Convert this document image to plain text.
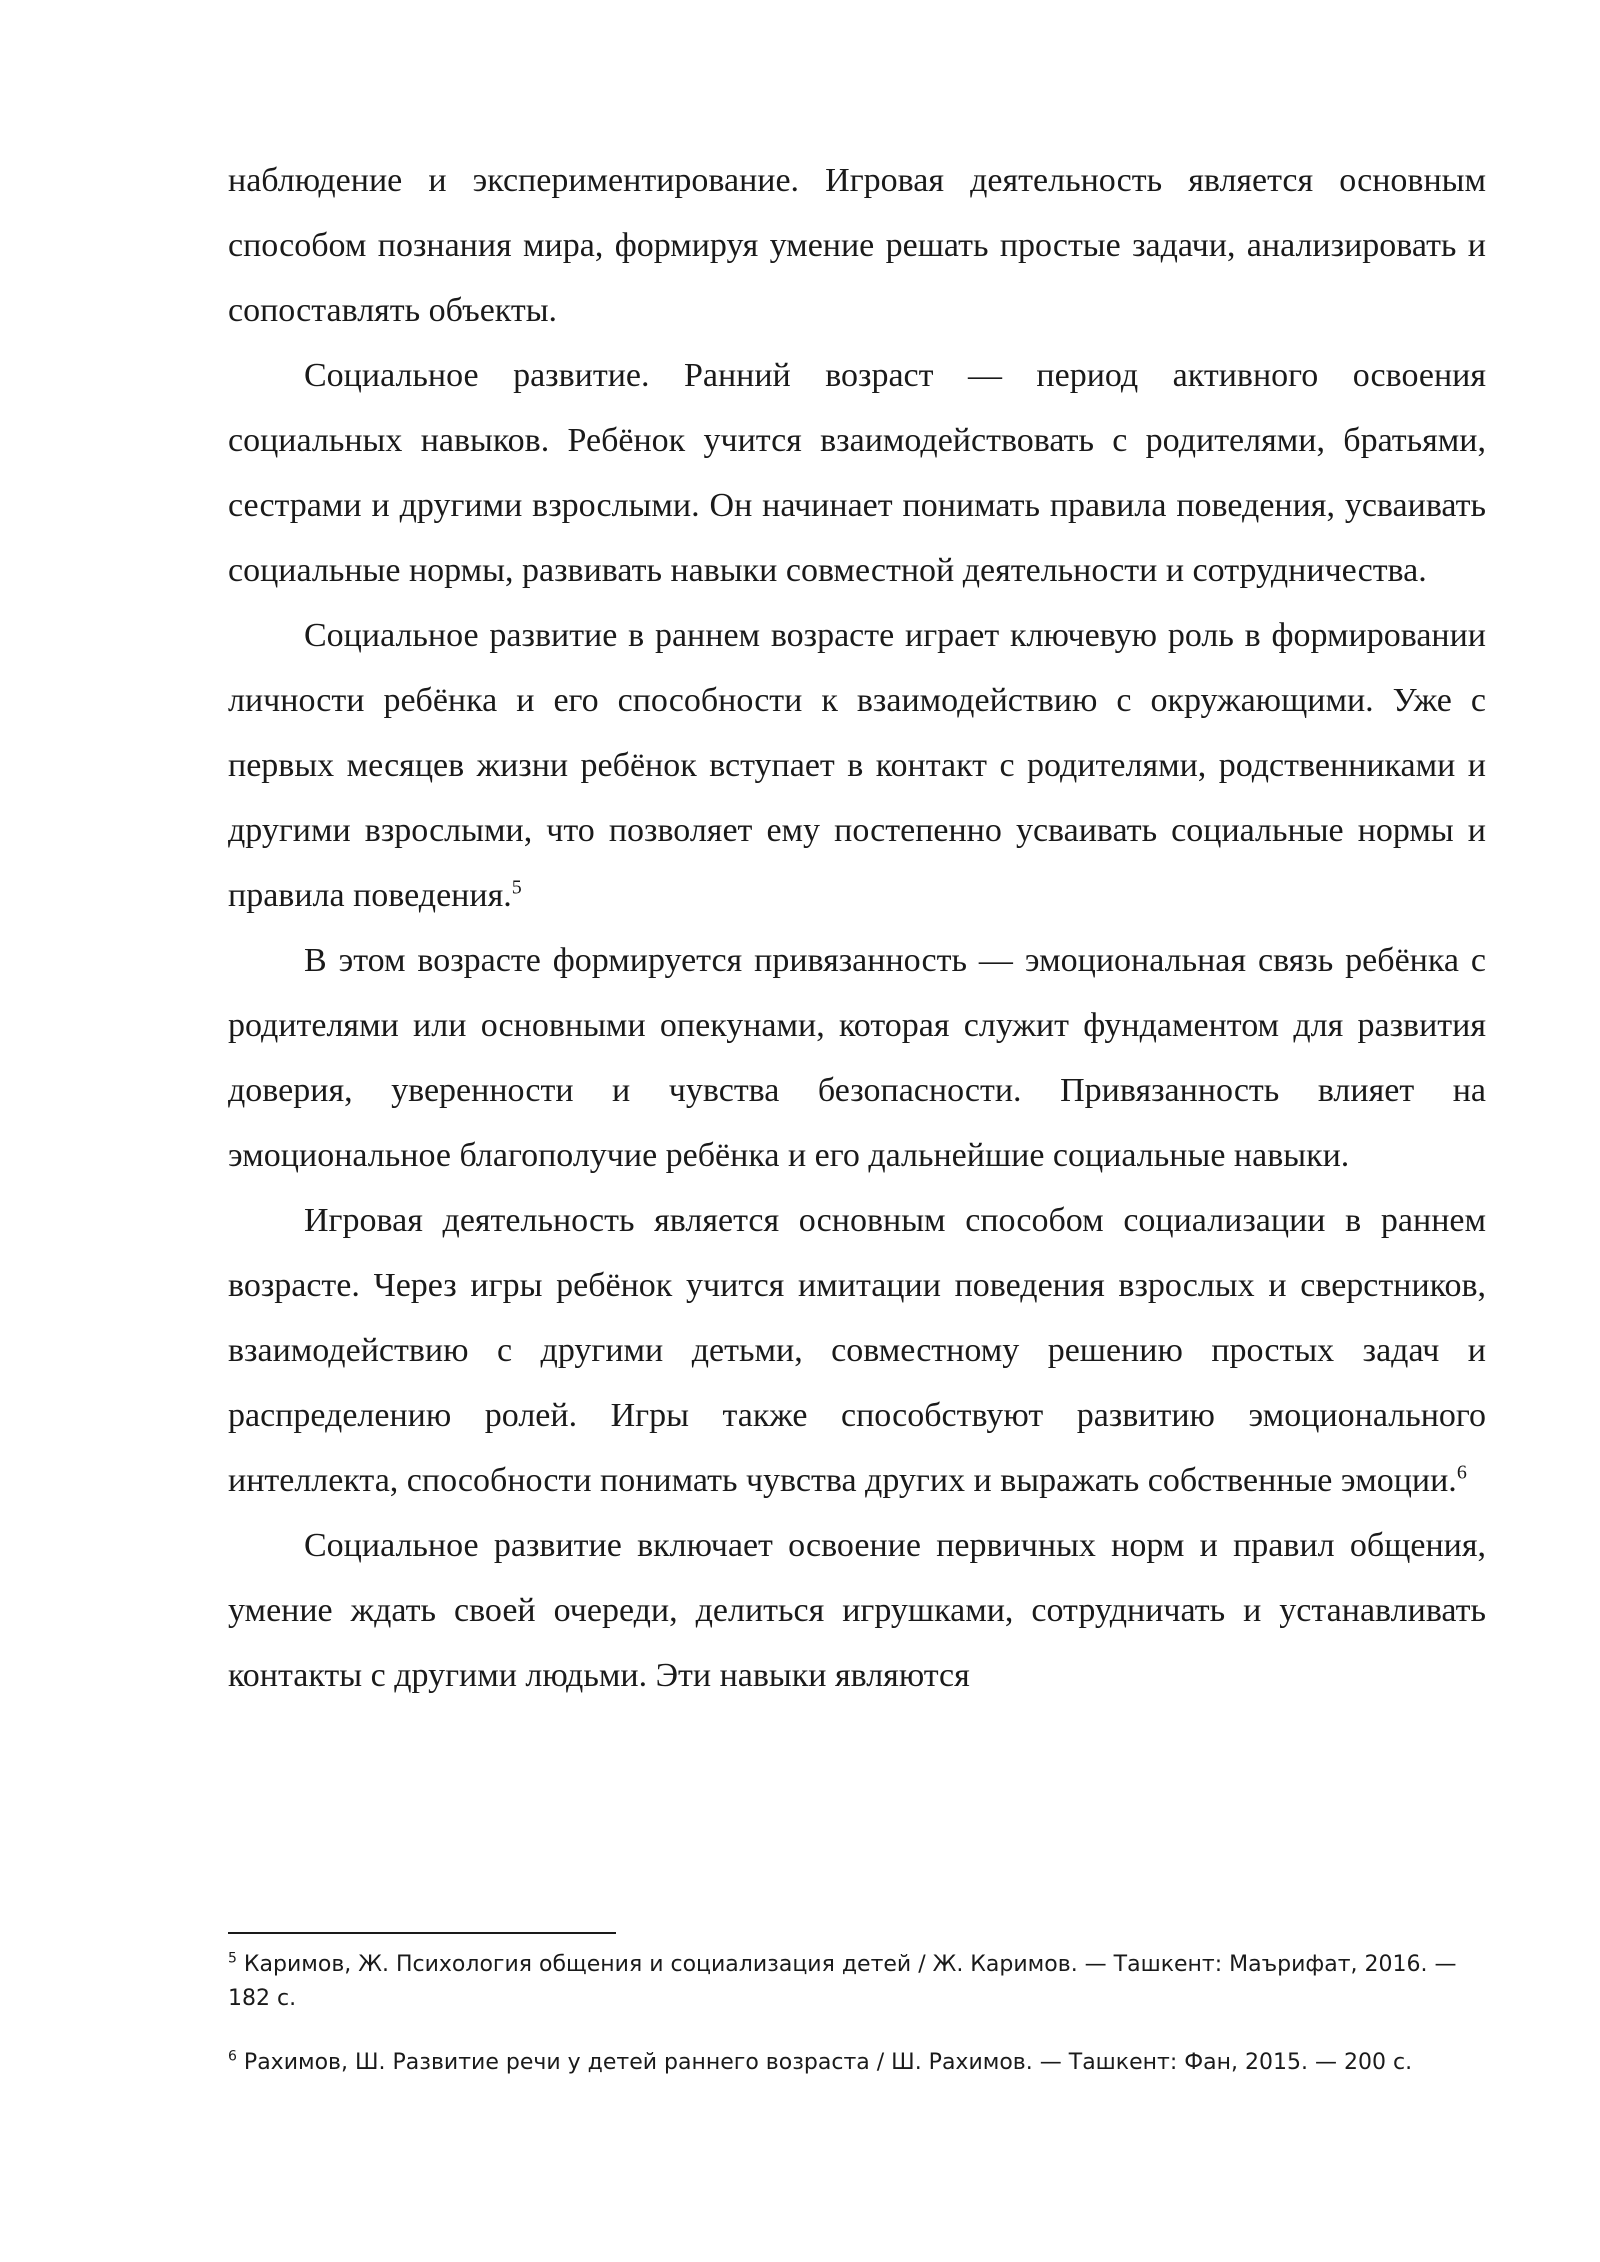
наблюдение и экспериментирование. Игровая деятельность является основным способом познания мира, формируя умение решать простые задачи, анализировать и сопоставлять объекты.

Социальное развитие. Ранний возраст — период активного освоения социальных навыков. Ребёнок учится взаимодействовать с родителями, братьями, сестрами и другими взрослыми. Он начинает понимать правила поведения, усваивать социальные нормы, развивать навыки совместной деятельности и сотрудничества.

Социальное развитие в раннем возрасте играет ключевую роль в формировании личности ребёнка и его способности к взаимодействию с окружающими. Уже с первых месяцев жизни ребёнок вступает в контакт с родителями, родственниками и другими взрослыми, что позволяет ему постепенно усваивать социальные нормы и правила поведения.$^5$

В этом возрасте формируется привязанность — эмоциональная связь ребёнка с родителями или основными опекунами, которая служит фундаментом для развития доверия, уверенности и чувства безопасности. Привязанность влияет на эмоциональное благополучие ребёнка и его дальнейшие социальные навыки.

Игровая деятельность является основным способом социализации в раннем возрасте. Через игры ребёнок учится имитации поведения взрослых и сверстников, взаимодействию с другими детьми, совместному решению простых задач и распределению ролей. Игры также способствуют развитию эмоционального интеллекта, способности понимать чувства других и выражать собственные эмоции.$^6$

Социальное развитие включает освоение первичных норм и правил общения, умение ждать своей очереди, делиться игрушками, сотрудничать и устанавливать контакты с другими людьми. Эти навыки являются

$^5$ Каримов, Ж. Психология общения и социализация детей / Ж. Каримов. — Ташкент: Маърифат, 2016. — 182 с.

$^6$ Рахимов, Ш. Развитие речи у детей раннего возраста / Ш. Рахимов. — Ташкент: Фан, 2015. — 200 с.
